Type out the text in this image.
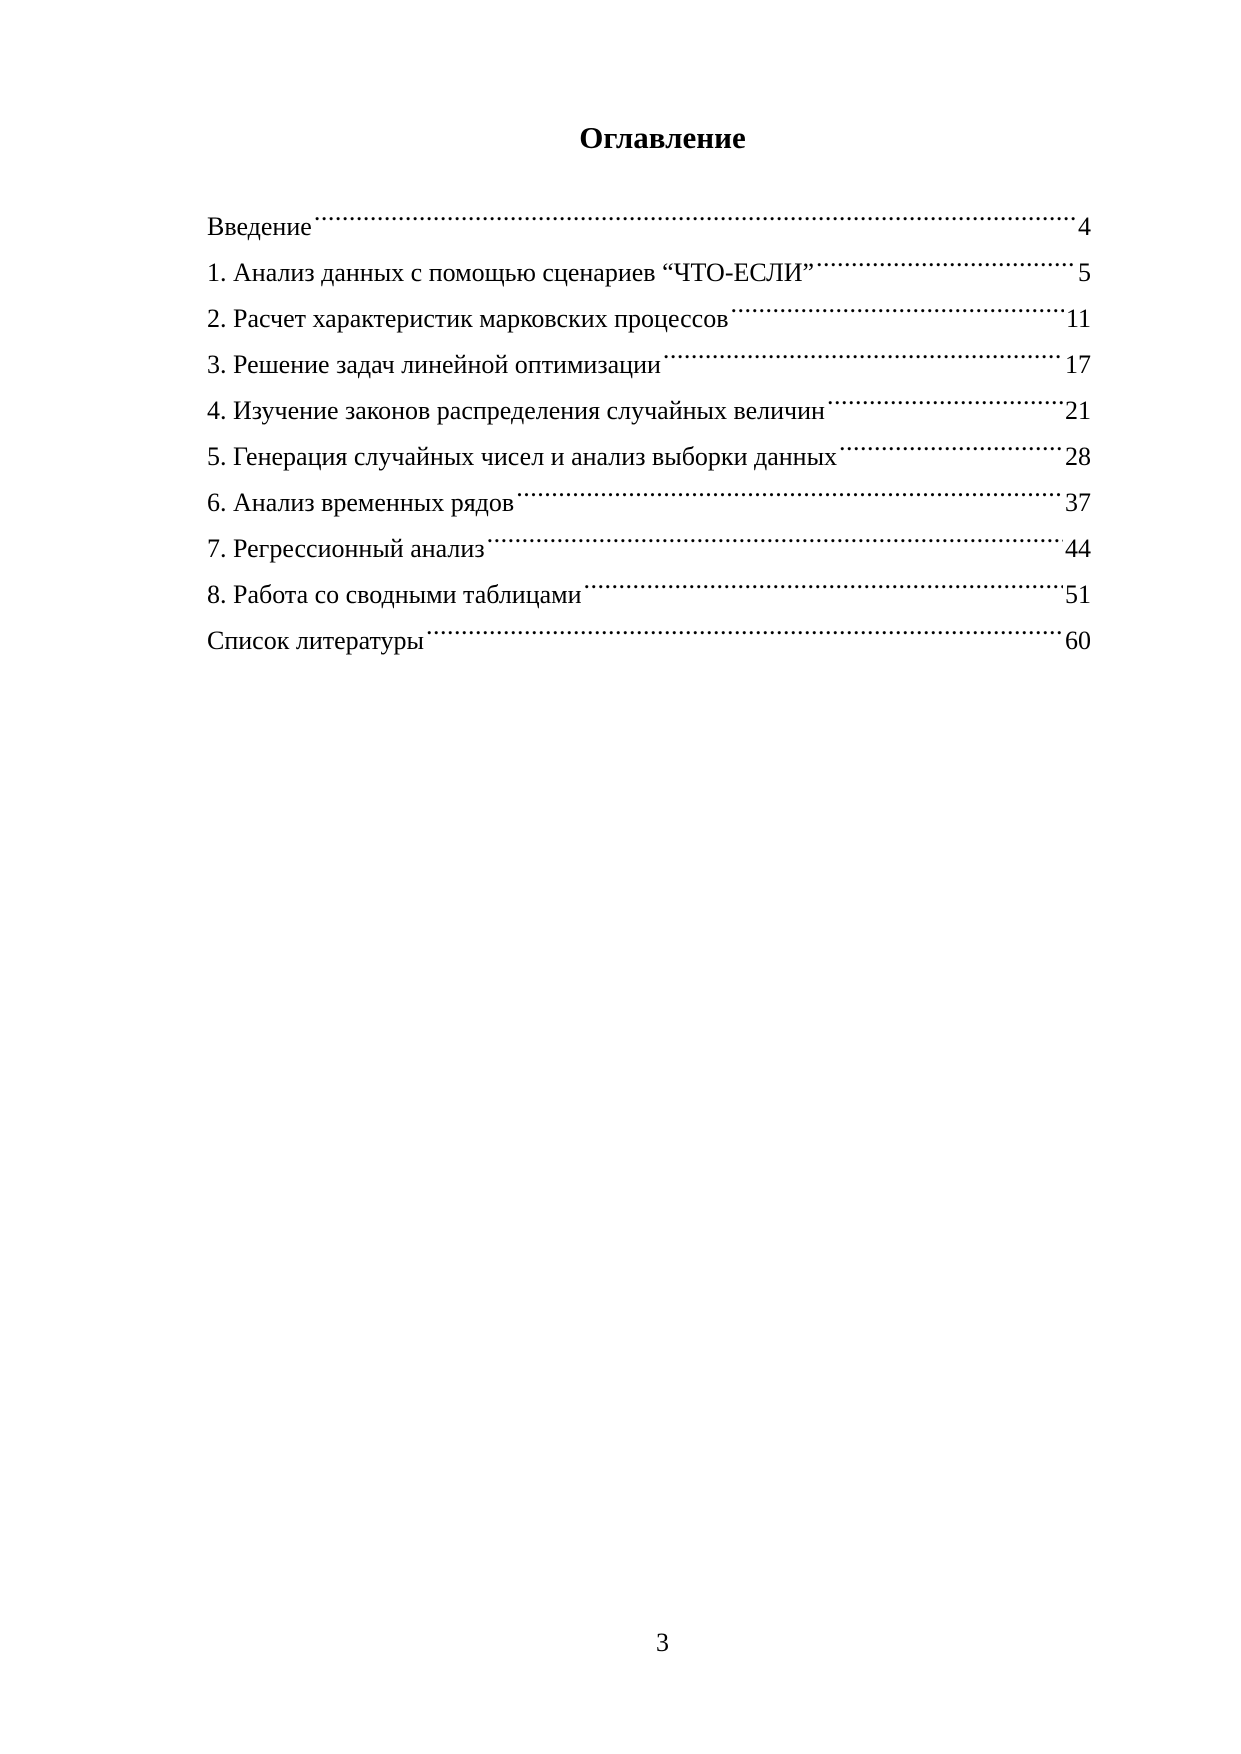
Оглавление
Введение .....	4
1. Анализ данных с помощью сценариев “ЧТО-ЕСЛИ” .....	5
2. Расчет характеристик марковских процессов .....	11
3. Решение задач линейной оптимизации .....	17
4. Изучение законов распределения случайных величин .....	21
5. Генерация случайных чисел и анализ выборки данных .....	28
6. Анализ временных рядов .....	37
7. Регрессионный анализ .....	44
8. Работа со сводными таблицами .....	51
Список литературы .....	60
3
